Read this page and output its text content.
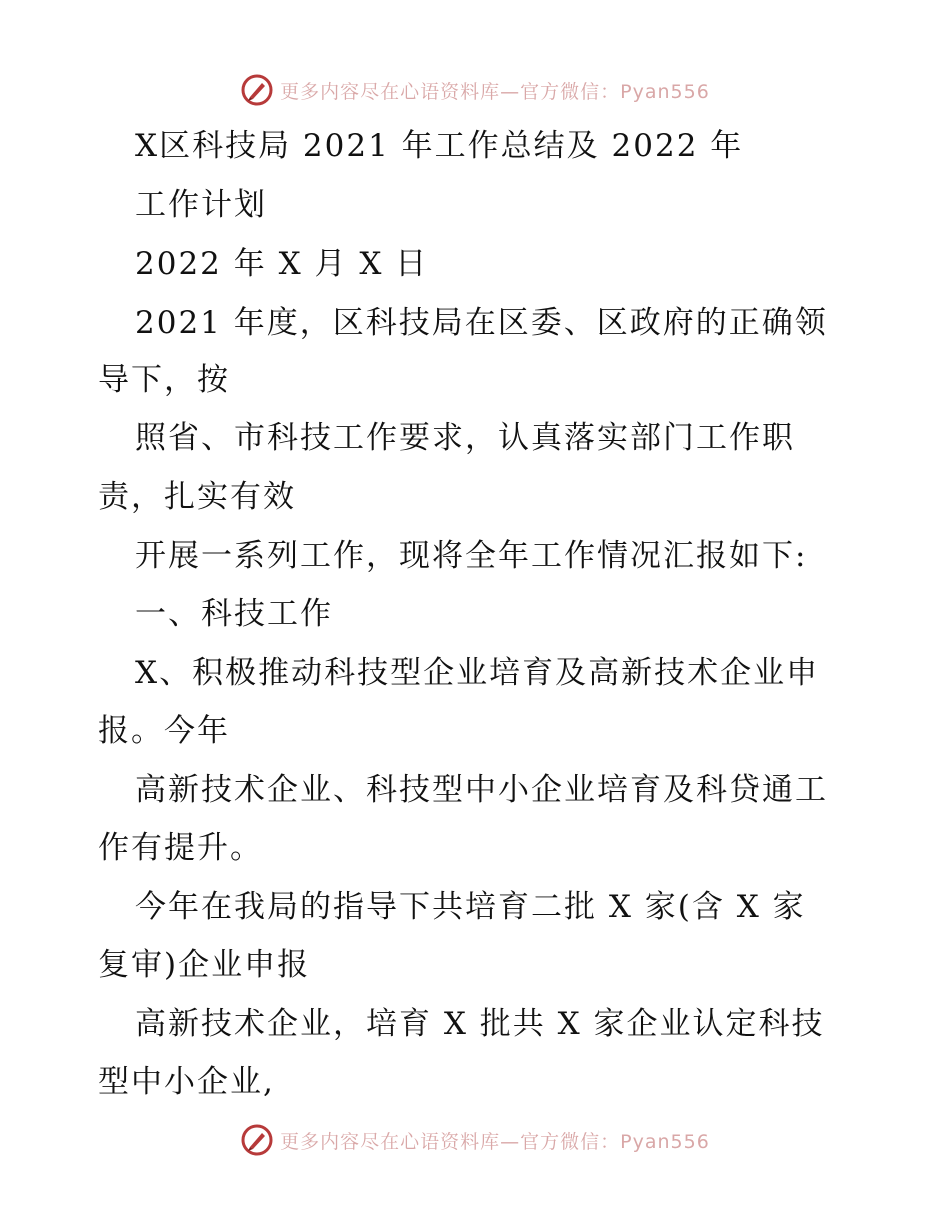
更多内容尽在心语资料库—官方微信：Pyan556
X区科技局 2021 年工作总结及 2022 年
工作计划
2022 年 X 月 X 日
2021 年度，区科技局在区委、区政府的正确领
导下，按
照省、市科技工作要求，认真落实部门工作职
责，扎实有效
开展一系列工作，现将全年工作情况汇报如下:
一、科技工作
X、积极推动科技型企业培育及高新技术企业申
报。今年
高新技术企业、科技型中小企业培育及科贷通工
作有提升。
今年在我局的指导下共培育二批 X 家(含 X 家
复审)企业申报
高新技术企业，培育 X 批共 X 家企业认定科技
型中小企业,
更多内容尽在心语资料库—官方微信：Pyan556
